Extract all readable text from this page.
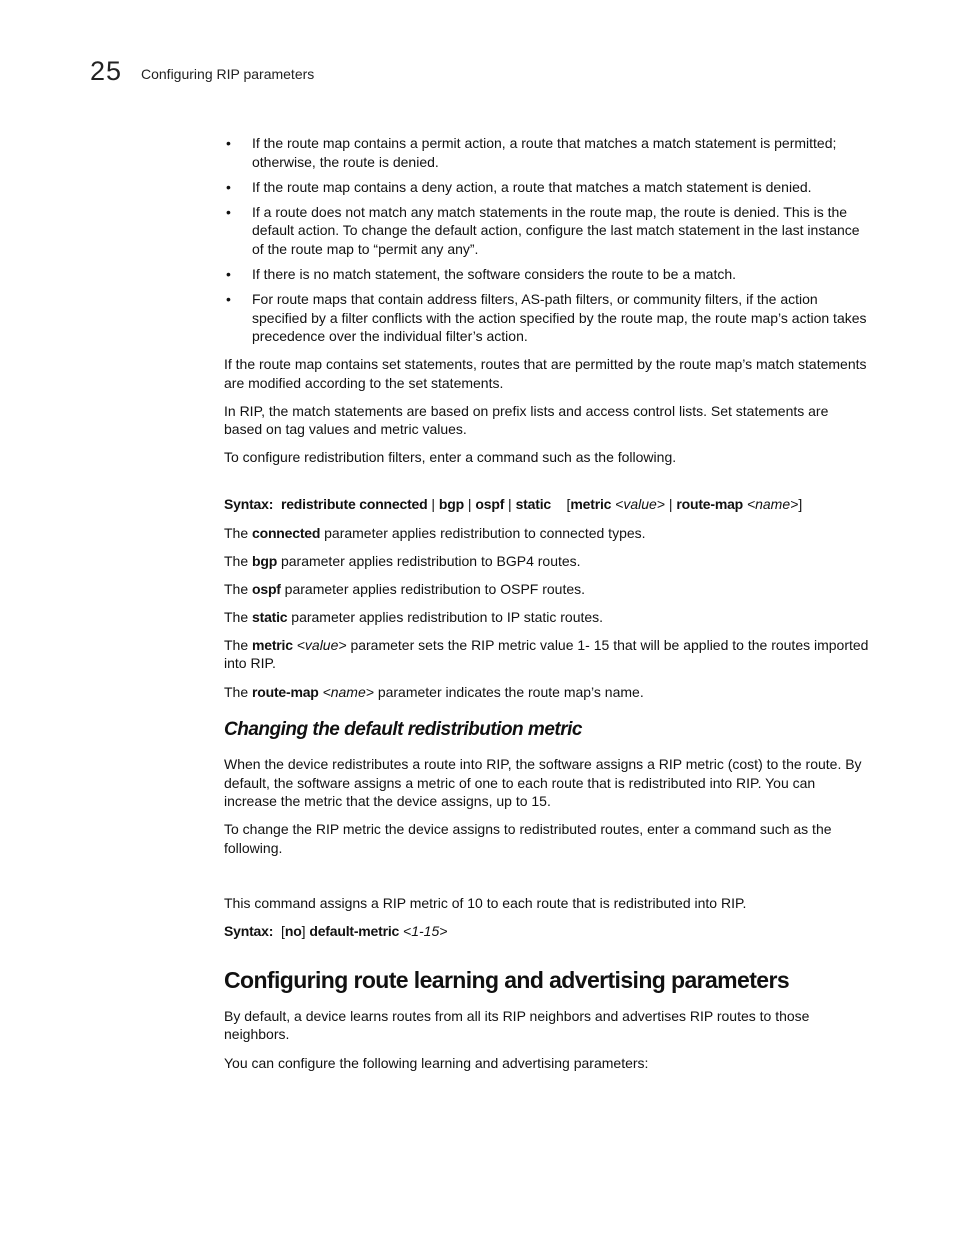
25 Configuring RIP parameters
• If the route map contains a permit action, a route that matches a match statement is permitted; otherwise, the route is denied.
• If the route map contains a deny action, a route that matches a match statement is denied.
• If a route does not match any match statements in the route map, the route is denied. This is the default action. To change the default action, configure the last match statement in the last instance of the route map to “permit any any”.
• If there is no match statement, the software considers the route to be a match.
• For route maps that contain address filters, AS-path filters, or community filters, if the action specified by a filter conflicts with the action specified by the route map, the route map’s action takes precedence over the individual filter’s action.

If the route map contains set statements, routes that are permitted by the route map’s match statements are modified according to the set statements.

In RIP, the match statements are based on prefix lists and access control lists. Set statements are based on tag values and metric values.

To configure redistribution filters, enter a command such as the following.

Syntax: redistribute connected | bgp | ospf | static [metric <value> | route-map <name>]

The connected parameter applies redistribution to connected types.

The bgp parameter applies redistribution to BGP4 routes.

The ospf parameter applies redistribution to OSPF routes.

The static parameter applies redistribution to IP static routes.

The metric <value> parameter sets the RIP metric value 1- 15 that will be applied to the routes imported into RIP.

The route-map <name> parameter indicates the route map’s name.

Changing the default redistribution metric

When the device redistributes a route into RIP, the software assigns a RIP metric (cost) to the route. By default, the software assigns a metric of one to each route that is redistributed into RIP. You can increase the metric that the device assigns, up to 15.

To change the RIP metric the device assigns to redistributed routes, enter a command such as the following.

This command assigns a RIP metric of 10 to each route that is redistributed into RIP.

Syntax: [no] default-metric <1-15>

Configuring route learning and advertising parameters

By default, a device learns routes from all its RIP neighbors and advertises RIP routes to those neighbors.

You can configure the following learning and advertising parameters:
